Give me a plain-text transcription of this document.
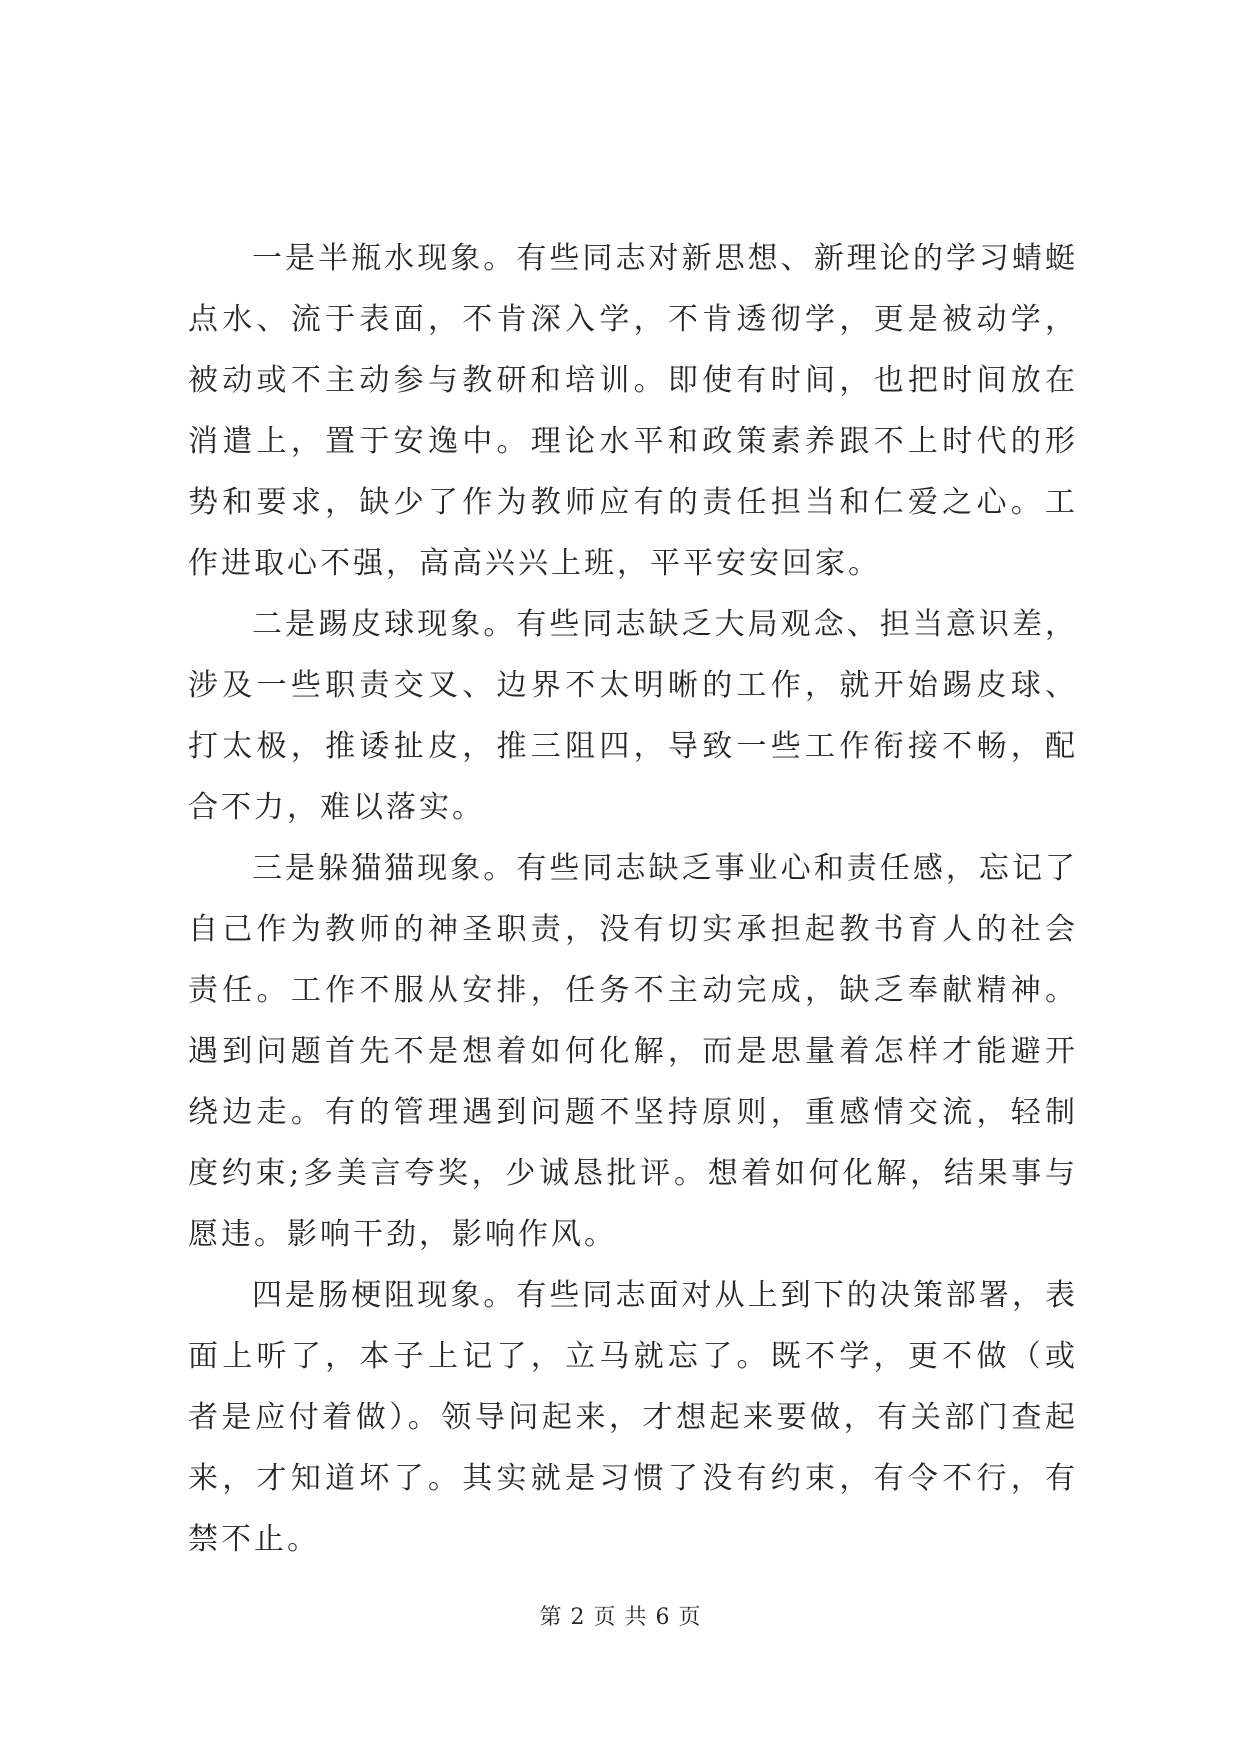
一是半瓶水现象。有些同志对新思想、新理论的学习蜻蜓点水、流于表面，不肯深入学，不肯透彻学，更是被动学，被动或不主动参与教研和培训。即使有时间，也把时间放在消遣上，置于安逸中。理论水平和政策素养跟不上时代的形势和要求，缺少了作为教师应有的责任担当和仁爱之心。工作进取心不强，高高兴兴上班，平平安安回家。

二是踢皮球现象。有些同志缺乏大局观念、担当意识差，涉及一些职责交叉、边界不太明晰的工作，就开始踢皮球、打太极，推诿扯皮，推三阻四，导致一些工作衔接不畅，配合不力，难以落实。

三是躲猫猫现象。有些同志缺乏事业心和责任感，忘记了自己作为教师的神圣职责，没有切实承担起教书育人的社会责任。工作不服从安排，任务不主动完成，缺乏奉献精神。遇到问题首先不是想着如何化解，而是思量着怎样才能避开绕边走。有的管理遇到问题不坚持原则，重感情交流，轻制度约束;多美言夸奖，少诚恳批评。想着如何化解，结果事与愿违。影响干劲，影响作风。

四是肠梗阻现象。有些同志面对从上到下的决策部署，表面上听了，本子上记了，立马就忘了。既不学，更不做（或者是应付着做）。领导问起来，才想起来要做，有关部门查起来，才知道坏了。其实就是习惯了没有约束，有令不行，有禁不止。

第 2 页 共 6 页
